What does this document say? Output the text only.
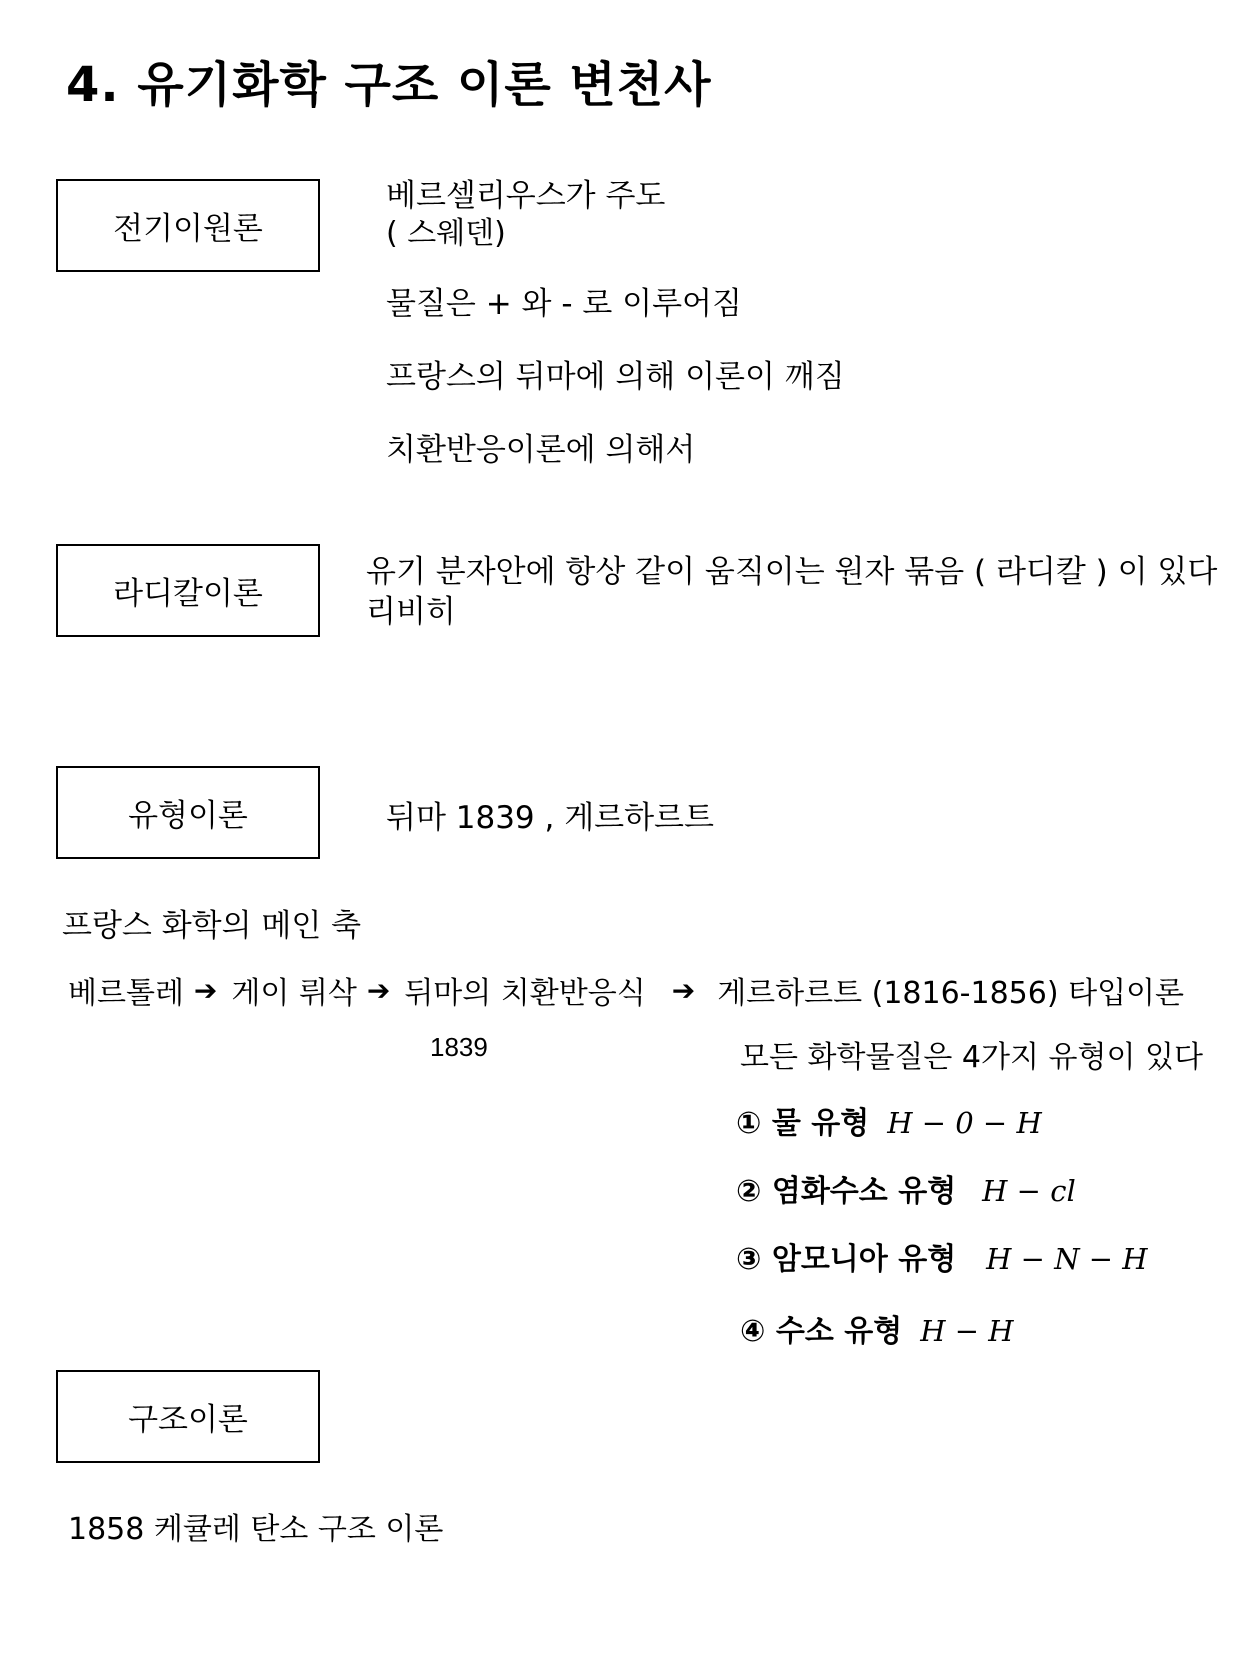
4. 유기화학 구조 이론 변천사
전기이원론
베르셀리우스가 주도
( 스웨덴)
물질은 + 와 - 로 이루어짐
프랑스의 뒤마에 의해 이론이 깨짐
치환반응이론에 의해서
라디칼이론
유기 분자안에 항상 같이 움직이는 원자 묶음 ( 라디칼 ) 이 있다
리비히
유형이론	뒤마 1839 , 게르하르트
프랑스 화학의 메인 축
베르톨레 ➔ 게이 뤼삭 ➔ 뒤마의 치환반응식 ➔ 게르하르트 (1816-1856) 타입이론
1839	모든 화학물질은 4가지 유형이 있다
① 물 유형 H − 0 − H
② 염화수소 유형 H − cl
③ 암모니아 유형 H − N − H
④ 수소 유형 H − H
구조이론
1858 케큘레 탄소 구조 이론
